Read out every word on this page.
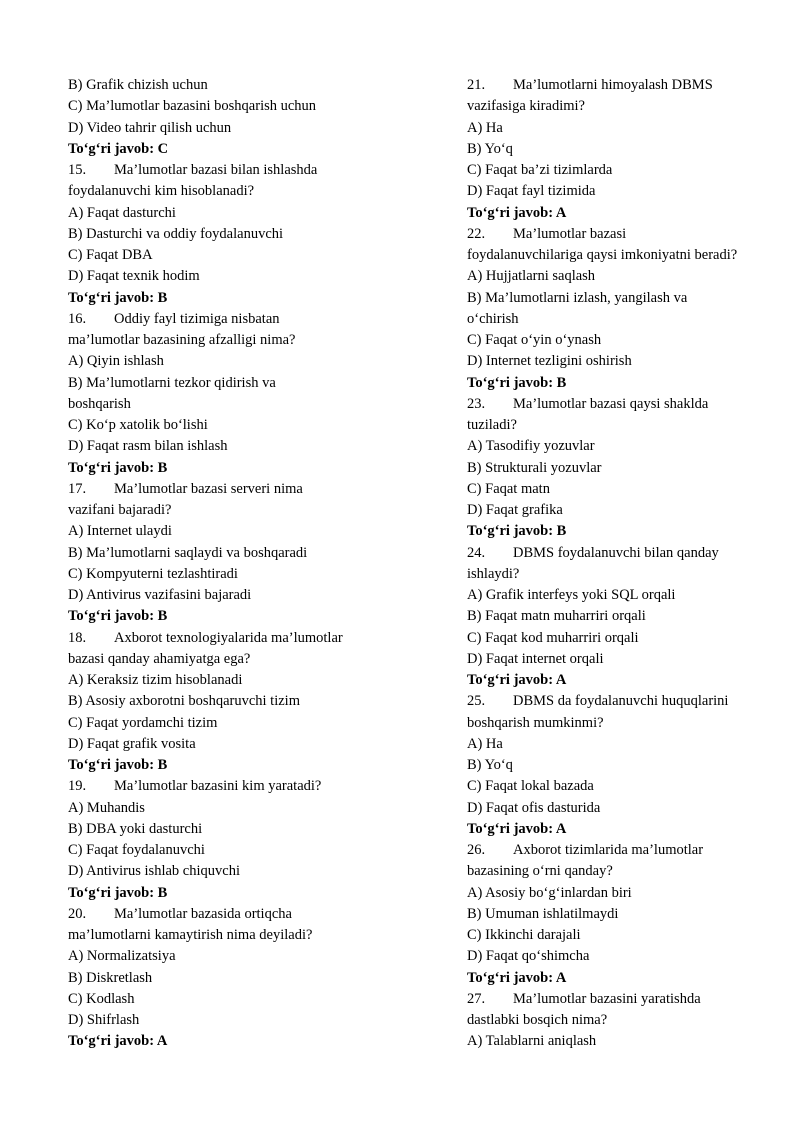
B) Grafik chizish uchun
C) Ma’lumotlar bazasini boshqarish uchun
D) Video tahrir qilish uchun
To‘g‘ri javob: C
15. Ma’lumotlar bazasi bilan ishlashda
foydalanuvchi kim hisoblanadi?
A) Faqat dasturchi
B) Dasturchi va oddiy foydalanuvchi
C) Faqat DBA
D) Faqat texnik hodim
To‘g‘ri javob: B
16. Oddiy fayl tizimiga nisbatan
ma’lumotlar bazasining afzalligi nima?
A) Qiyin ishlash
B) Ma’lumotlarni tezkor qidirish va
boshqarish
C) Ko‘p xatolik bo‘lishi
D) Faqat rasm bilan ishlash
To‘g‘ri javob: B
17. Ma’lumotlar bazasi serveri nima
vazifani bajaradi?
A) Internet ulaydi
B) Ma’lumotlarni saqlaydi va boshqaradi
C) Kompyuterni tezlashtiradi
D) Antivirus vazifasini bajaradi
To‘g‘ri javob: B
18. Axborot texnologiyalarida ma’lumotlar
bazasi qanday ahamiyatga ega?
A) Keraksiz tizim hisoblanadi
B) Asosiy axborotni boshqaruvchi tizim
C) Faqat yordamchi tizim
D) Faqat grafik vosita
To‘g‘ri javob: B
19. Ma’lumotlar bazasini kim yaratadi?
A) Muhandis
B) DBA yoki dasturchi
C) Faqat foydalanuvchi
D) Antivirus ishlab chiquvchi
To‘g‘ri javob: B
20. Ma’lumotlar bazasida ortiqcha
ma’lumotlarni kamaytirish nima deyiladi?
A) Normalizatsiya
B) Diskretlash
C) Kodlash
D) Shifrlash
To‘g‘ri javob: A
21. Ma’lumotlarni himoyalash DBMS
vazifasiga kiradimi?
A) Ha
B) Yo‘q
C) Faqat ba’zi tizimlarda
D) Faqat fayl tizimida
To‘g‘ri javob: A
22. Ma’lumotlar bazasi
foydalanuvchilariga qaysi imkoniyatni beradi?
A) Hujjatlarni saqlash
B) Ma’lumotlarni izlash, yangilash va
o‘chirish
C) Faqat o‘yin o‘ynash
D) Internet tezligini oshirish
To‘g‘ri javob: B
23. Ma’lumotlar bazasi qaysi shaklda
tuziladi?
A) Tasodifiy yozuvlar
B) Strukturali yozuvlar
C) Faqat matn
D) Faqat grafika
To‘g‘ri javob: B
24. DBMS foydalanuvchi bilan qanday
ishlaydi?
A) Grafik interfeys yoki SQL orqali
B) Faqat matn muharriri orqali
C) Faqat kod muharriri orqali
D) Faqat internet orqali
To‘g‘ri javob: A
25. DBMS da foydalanuvchi huquqlarini
boshqarish mumkinmi?
A) Ha
B) Yo‘q
C) Faqat lokal bazada
D) Faqat ofis dasturida
To‘g‘ri javob: A
26. Axborot tizimlarida ma’lumotlar
bazasining o‘rni qanday?
A) Asosiy bo‘g‘inlardan biri
B) Umuman ishlatilmaydi
C) Ikkinchi darajali
D) Faqat qo‘shimcha
To‘g‘ri javob: A
27. Ma’lumotlar bazasini yaratishda
dastlabki bosqich nima?
A) Talablarni aniqlash
